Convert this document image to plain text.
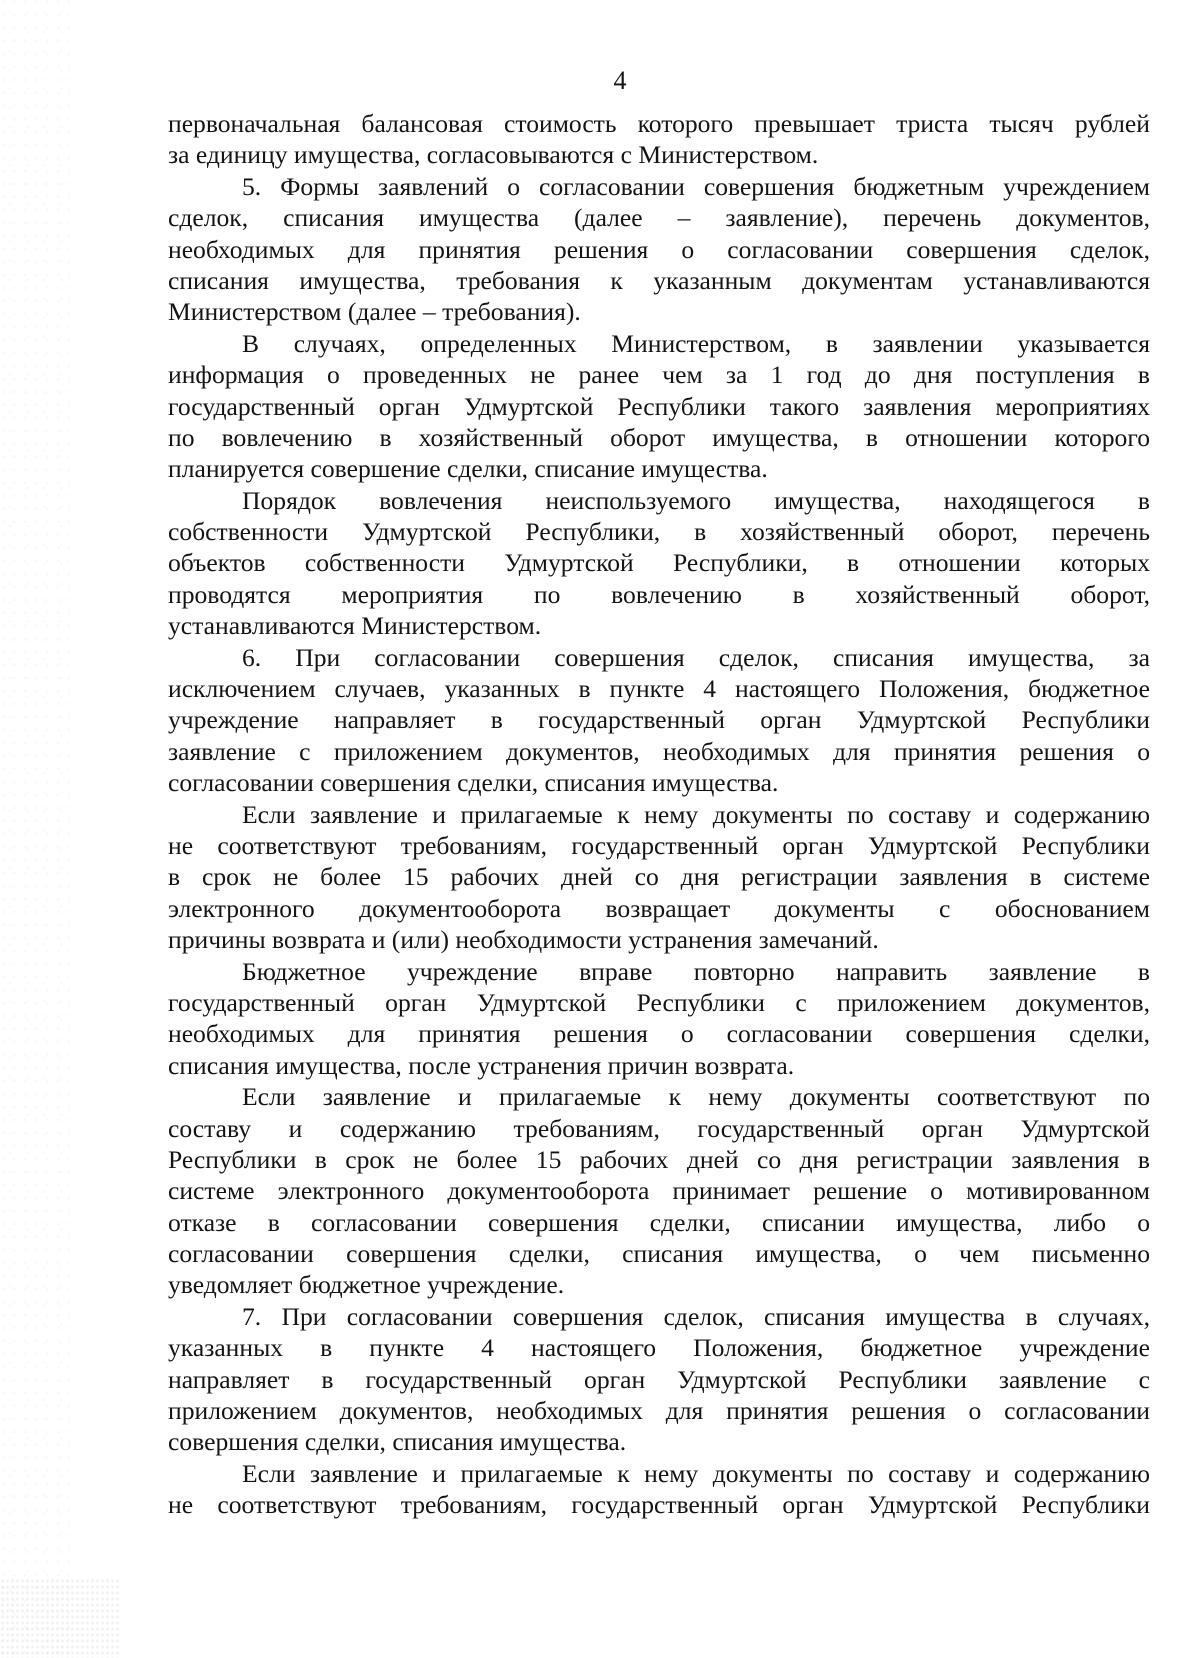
4
первоначальная балансовая стоимость которого превышает триста тысяч рублей
за единицу имущества, согласовываются с Министерством.
5. Формы заявлений о согласовании совершения бюджетным учреждением
сделок, списания имущества (далее – заявление), перечень документов,
необходимых для принятия решения о согласовании совершения сделок,
списания имущества, требования к указанным документам устанавливаются
Министерством (далее – требования).
В случаях, определенных Министерством, в заявлении указывается
информация о проведенных не ранее чем за 1 год до дня поступления в
государственный орган Удмуртской Республики такого заявления мероприятиях
по вовлечению в хозяйственный оборот имущества, в отношении которого
планируется совершение сделки, списание имущества.
Порядок вовлечения неиспользуемого имущества, находящегося в
собственности Удмуртской Республики, в хозяйственный оборот, перечень
объектов собственности Удмуртской Республики, в отношении которых
проводятся мероприятия по вовлечению в хозяйственный оборот,
устанавливаются Министерством.
6. При согласовании совершения сделок, списания имущества, за
исключением случаев, указанных в пункте 4 настоящего Положения, бюджетное
учреждение направляет в государственный орган Удмуртской Республики
заявление с приложением документов, необходимых для принятия решения о
согласовании совершения сделки, списания имущества.
Если заявление и прилагаемые к нему документы по составу и содержанию
не соответствуют требованиям, государственный орган Удмуртской Республики
в срок не более 15 рабочих дней со дня регистрации заявления в системе
электронного документооборота возвращает документы с обоснованием
причины возврата и (или) необходимости устранения замечаний.
Бюджетное учреждение вправе повторно направить заявление в
государственный орган Удмуртской Республики с приложением документов,
необходимых для принятия решения о согласовании совершения сделки,
списания имущества, после устранения причин возврата.
Если заявление и прилагаемые к нему документы соответствуют по
составу и содержанию требованиям, государственный орган Удмуртской
Республики в срок не более 15 рабочих дней со дня регистрации заявления в
системе электронного документооборота принимает решение о мотивированном
отказе в согласовании совершения сделки, списании имущества, либо о
согласовании совершения сделки, списания имущества, о чем письменно
уведомляет бюджетное учреждение.
7. При согласовании совершения сделок, списания имущества в случаях,
указанных в пункте 4 настоящего Положения, бюджетное учреждение
направляет в государственный орган Удмуртской Республики заявление с
приложением документов, необходимых для принятия решения о согласовании
совершения сделки, списания имущества.
Если заявление и прилагаемые к нему документы по составу и содержанию
не соответствуют требованиям, государственный орган Удмуртской Республики
